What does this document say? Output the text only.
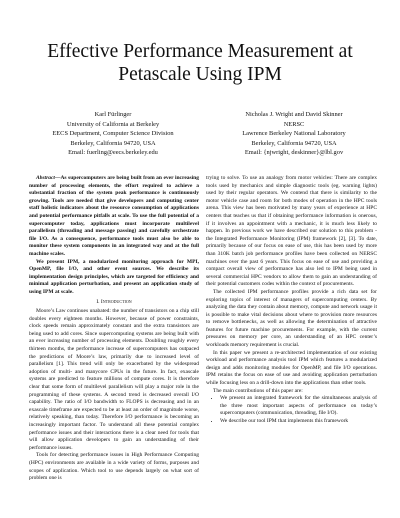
Effective Performance Measurement at Petascale Using IPM
Karl Fürlinger
University of California at Berkeley
EECS Department, Computer Science Division
Berkeley, California 94720, USA
Email: fuerling@eecs.berkeley.edu
Nicholas J. Wright and David Skinner
NERSC
Lawrence Berkeley National Laboratory
Berkeley, California 94720, USA
Email: {njwright, deskinner}@lbl.gov

Abstract—As supercomputers are being built from an ever increasing number of processing elements, the effort required to achieve a substantial fraction of the system peak performance is continuously growing. Tools are needed that give developers and computing center staff holistic indicators about the resource consumption of applications and potential performance pitfalls at scale. To use the full potential of a supercomputer today, applications must incorporate multilevel parallelism (threading and message passing) and carefully orchestrate file I/O. As a consequence, performance tools must also be able to monitor these system components in an integrated way and at the full machine scales.

We present IPM, a modularized monitoring approach for MPI, OpenMP, file I/O, and other event sources. We describe its implementation design principles, which are targeted for efficiency and minimal application perturbation, and present an application study of using IPM at scale.

I. Introduction

Moore’s Law continues unabated: the number of transistors on a chip still doubles every eighteen months. However, because of power constraints, clock speeds remain approximately constant and the extra transistors are being used to add cores. Since supercomputing systems are being built with an ever increasing number of processing elements. Doubling roughly every thirteen months, the performance increase of supercomputers has outpaced the predictions of Moore’s law, primarily due to increased level of parallelism [1]. This trend will only be exacerbated by the widespread adoption of multi- and manycore CPUs in the future. In fact, exascale systems are predicted to feature millions of compute cores. It is therefore clear that some form of multilevel parallelism will play a major role in the programming of these systems. A second trend is decreased overall I/O capability. The ratio of I/O bandwidth to FLOPS is decreasing and in an exascale timeframe are expected to be at least an order of magnitude worse, relatively speaking, than today. Therefore I/O performance is becoming an increasingly important factor. To understand all these potential complex performance issues and their interactions there is a clear need for tools that will allow application developers to gain an understanding of their performance issues.

Tools for detecting performance issues in High Performance Computing (HPC) environments are available in a wide variety of forms, purposes and scopes of application. Which tool to use depends largely on what sort of problem one is

trying to solve. To use an analogy from motor vehicles: There are complex tools used by mechanics and simple diagnostic tools (eg. warning lights) used by their regular operators. We contend that there is similarity to the motor vehicle case and room for both modes of operation in the HPC tools arena. This view has been motivated by many years of experience at HPC centers that teaches us that if obtaining performance information is onerous, if it involves an appointment with a mechanic, it is much less likely to happen. In previous work we have described our solution to this problem - the Integrated Performance Monitoring (IPM) framework [2], [3]. To date, primarily because of our focus on ease of use, this has been used by more than 310K batch job performance profiles have been collected on NERSC machines over the past 6 years. This focus on ease of use and providing a compact overall view of performance has also led to IPM being used in several commercial HPC vendors to allow them to gain an understanding of their potential customers codes within the context of procurements.

The collected IPM performance profiles provide a rich data set for exploring topics of interest of managers of supercomputing centers. By analyzing the data they contain about memory, compute and network usage it is possible to make vital decisions about where to provision more resources to remove bottlenecks, as well as allowing the determination of attractive features for future machine procurements. For example, with the current pressures on memory per core, an understanding of an HPC center’s workloads memory requirement is crucial.

In this paper we present a re-architected implementation of our existing workload and performance analysis tool IPM which features a modularized design and adds monitoring modules for OpenMP, and file I/O operations. IPM retains the focus on ease of use and avoiding application perturbation while focusing less on a drill-down into the applications than other tools.

The main contributions of this paper are:

• We present an integrated framework for the simultaneous analysis of the three most important aspects of performance on today’s supercomputers (communication, threading, file I/O).
• We describe our tool IPM that implements this framework
